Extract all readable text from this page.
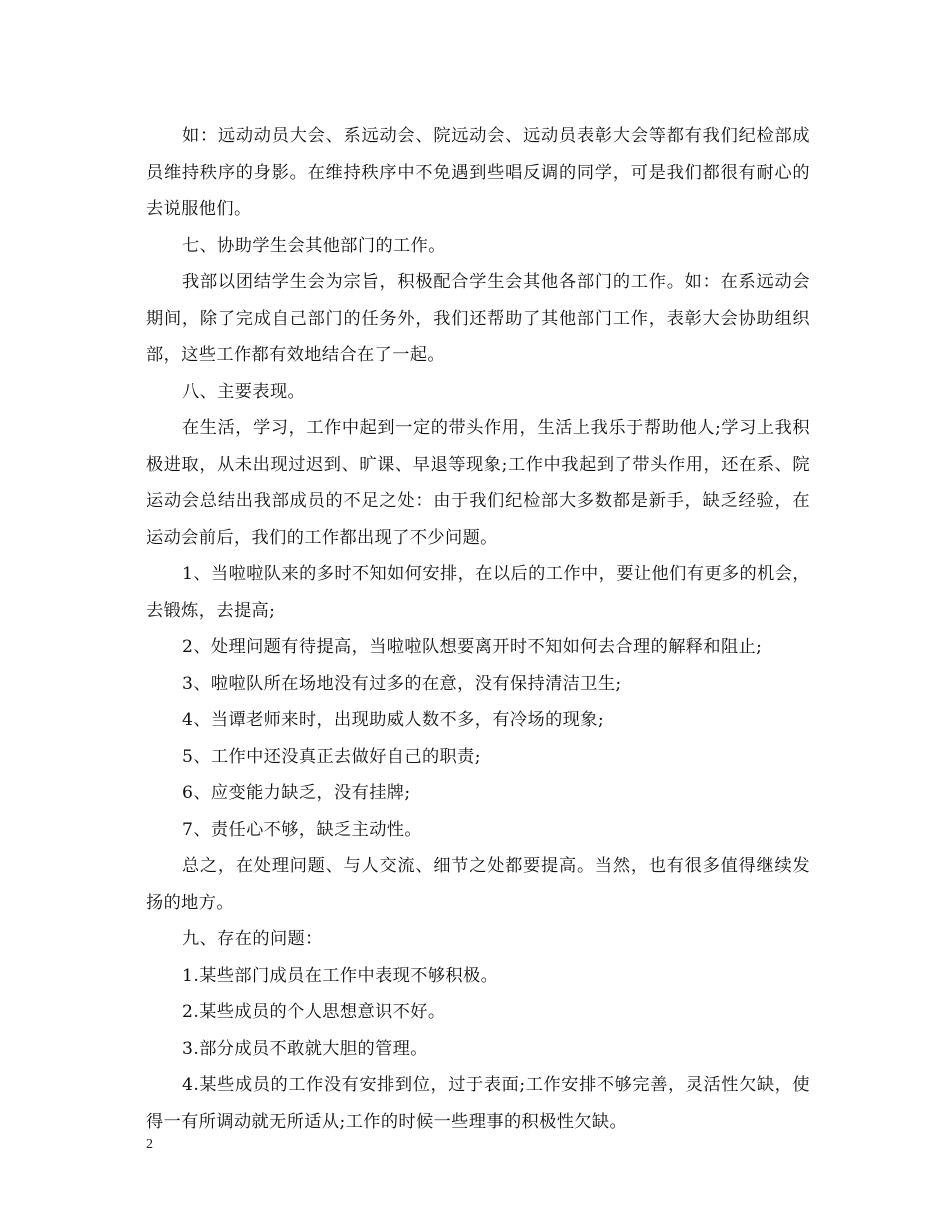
如：远动动员大会、系远动会、院远动会、远动员表彰大会等都有我们纪检部成员维持秩序的身影。在维持秩序中不免遇到些唱反调的同学，可是我们都很有耐心的去说服他们。

七、协助学生会其他部门的工作。

我部以团结学生会为宗旨，积极配合学生会其他各部门的工作。如：在系远动会期间，除了完成自己部门的任务外，我们还帮助了其他部门工作，表彰大会协助组织部，这些工作都有效地结合在了一起。

八、主要表现。

在生活，学习，工作中起到一定的带头作用，生活上我乐于帮助他人;学习上我积极进取，从未出现过迟到、旷课、早退等现象;工作中我起到了带头作用，还在系、院运动会总结出我部成员的不足之处：由于我们纪检部大多数都是新手，缺乏经验，在运动会前后，我们的工作都出现了不少问题。

1、当啦啦队来的多时不知如何安排，在以后的工作中，要让他们有更多的机会，去锻炼，去提高;

2、处理问题有待提高，当啦啦队想要离开时不知如何去合理的解释和阻止;

3、啦啦队所在场地没有过多的在意，没有保持清洁卫生;

4、当谭老师来时，出现助威人数不多，有冷场的现象;

5、工作中还没真正去做好自己的职责;

6、应变能力缺乏，没有挂牌;

7、责任心不够，缺乏主动性。

总之，在处理问题、与人交流、细节之处都要提高。当然，也有很多值得继续发扬的地方。

九、存在的问题：

1.某些部门成员在工作中表现不够积极。

2.某些成员的个人思想意识不好。

3.部分成员不敢就大胆的管理。

4.某些成员的工作没有安排到位，过于表面;工作安排不够完善，灵活性欠缺，使得一有所调动就无所适从;工作的时候一些理事的积极性欠缺。

2
